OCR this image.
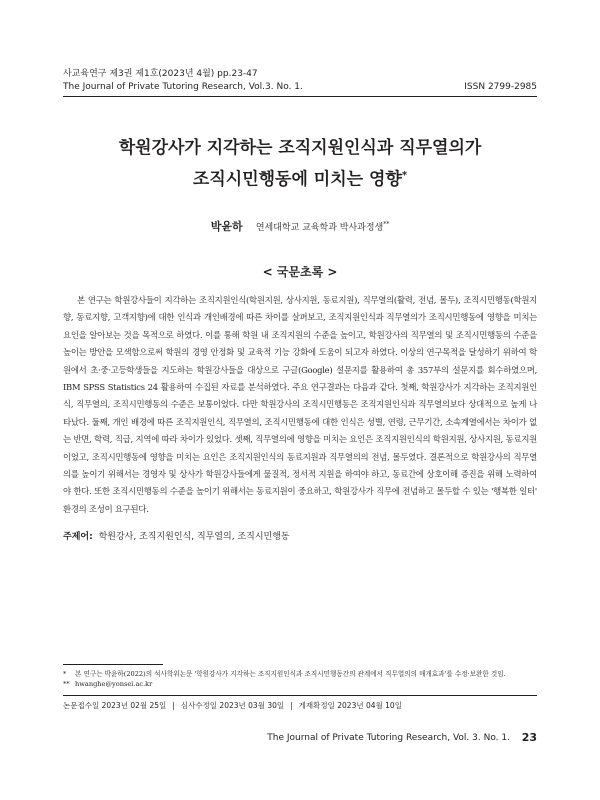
사교육연구 제3권 제1호(2023년 4월) pp.23-47
The Journal of Private Tutoring Research, Vol.3. No. 1.	ISSN 2799-2985
학원강사가 지각하는 조직지원인식과 직무열의가
조직시민행동에 미치는 영향*
박윤하 연세대학교 교육학과 박사과정생**
< 국문초록 >
본 연구는 학원강사들이 지각하는 조직지원인식(학원지원, 상사지원, 동료지원), 직무열의(활력, 전념, 몰두), 조직시민행동(학원지향, 동료지향, 고객지향)에 대한 인식과 개인배경에 따른 차이를 살펴보고, 조직지원인식과 직무열의가 조직시민행동에 영향을 미치는 요인을 알아보는 것을 목적으로 하였다. 이를 통해 학원 내 조직지원의 수준을 높이고, 학원강사의 직무열의 및 조직시민행동의 수준을 높이는 방안을 모색함으로써 학원의 경영 안정화 및 교육적 기능 강화에 도움이 되고자 하였다. 이상의 연구목적을 달성하기 위하여 학원에서 초·중·고등학생들을 지도하는 학원강사들을 대상으로 구글(Google) 설문지를 활용하여 총 357부의 설문지를 회수하였으며, IBM SPSS Statistics 24 활용하여 수집된 자료를 분석하였다. 주요 연구결과는 다음과 같다. 첫째, 학원강사가 지각하는 조직지원인식, 직무열의, 조직시민행동의 수준은 보통이었다. 다만 학원강사의 조직시민행동은 조직지원인식과 직무열의보다 상대적으로 높게 나타났다. 둘째, 개인 배경에 따른 조직지원인식, 직무열의, 조직시민행동에 대한 인식은 성별, 연령, 근무기간, 소속계열에서는 차이가 없는 반면, 학력, 직급, 지역에 따라 차이가 있었다. 셋째, 직무열의에 영향을 미치는 요인은 조직지원인식의 학원지원, 상사지원, 동료지원이었고, 조직시민행동에 영향을 미치는 요인은 조직지원인식의 동료지원과 직무열의의 전념, 몰두였다. 결론적으로 학원강사의 직무열의를 높이기 위해서는 경영자 및 상사가 학원강사들에게 물질적, 정서적 지원을 하여야 하고, 동료간에 상호이해 증진을 위해 노력하여야 한다. 또한 조직시민행동의 수준을 높이기 위해서는 동료지원이 중요하고, 학원강사가 직무에 전념하고 몰두할 수 있는 '행복한 일터' 환경의 조성이 요구된다.
주제어: 학원강사, 조직지원인식, 직무열의, 조직시민행동
* 본 연구는 박윤하(2022)의 석사학위논문 '학원강사가 지각하는 조직지원인식과 조직시민행동간의 관계에서 직무열의의 매개효과'를 수정·보완한 것임.
** hwanghe@yonsei.ac.kr
논문접수일 2023년 02월 25일 | 심사수정일 2023년 03월 30일 | 게재확정일 2023년 04월 10일
The Journal of Private Tutoring Research, Vol. 3. No. 1. 23
